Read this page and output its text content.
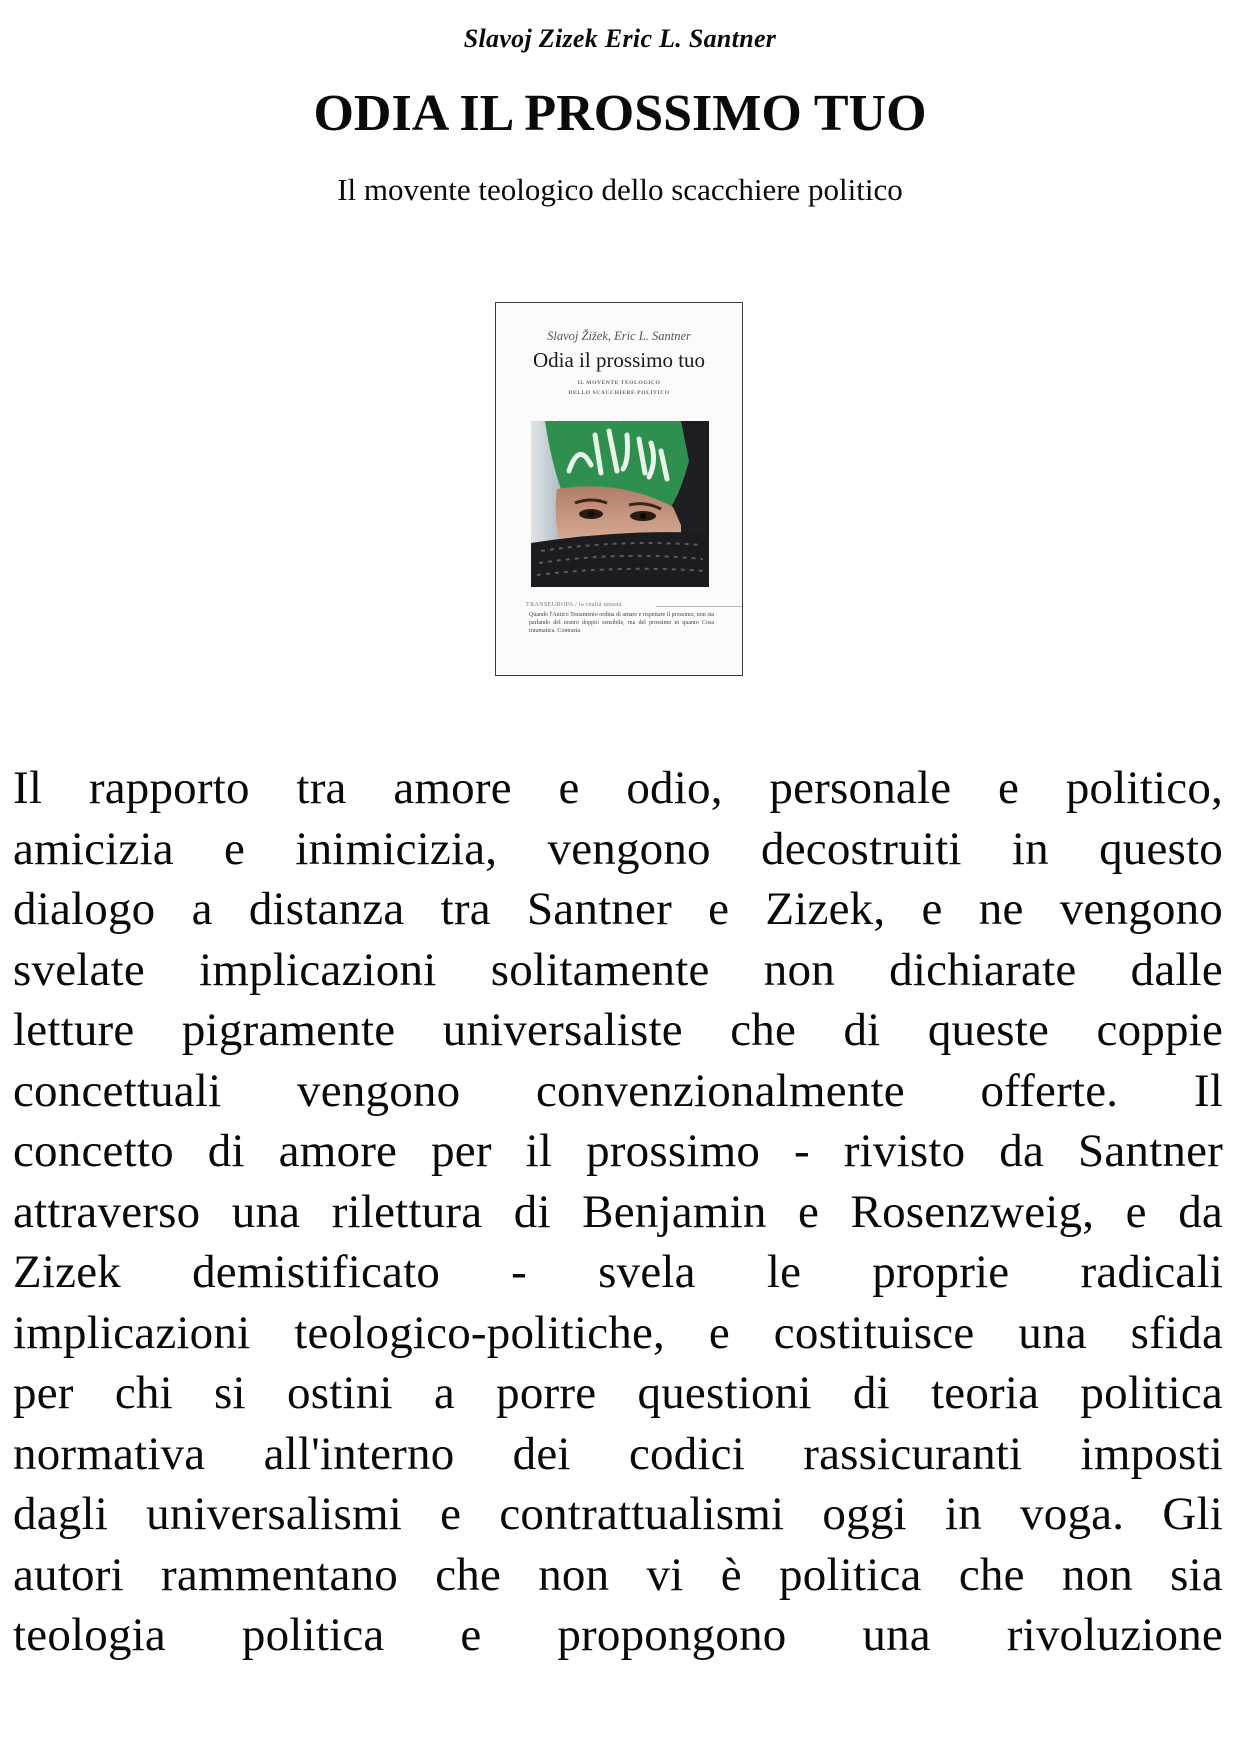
Slavoj Zizek Eric L. Santner
ODIA IL PROSSIMO TUO
Il movente teologico dello scacchiere politico
Slavoj Žižek, Eric L. Santner
Odia il prossimo tuo
IL MOVENTE TEOLOGICO
DELLO SCACCHIERE POLITICO
TRANSEUROPA / la realtà umana
Quando l'Antico Testamento ordina di amare e rispettare il prossimo, non sta parlando del nostro doppio sensibile, ma del prossimo in quanto Cosa traumatica. Contraria
Il rapporto tra amore e odio, personale e politico,
amicizia e inimicizia, vengono decostruiti in questo
dialogo a distanza tra Santner e Zizek, e ne vengono
svelate implicazioni solitamente non dichiarate dalle
letture pigramente universaliste che di queste coppie
concettuali vengono convenzionalmente offerte. Il
concetto di amore per il prossimo - rivisto da Santner
attraverso una rilettura di Benjamin e Rosenzweig, e da
Zizek demistificato - svela le proprie radicali
implicazioni teologico-politiche, e costituisce una sfida
per chi si ostini a porre questioni di teoria politica
normativa all'interno dei codici rassicuranti imposti
dagli universalismi e contrattualismi oggi in voga. Gli
autori rammentano che non vi è politica che non sia
teologia politica e propongono una rivoluzione
